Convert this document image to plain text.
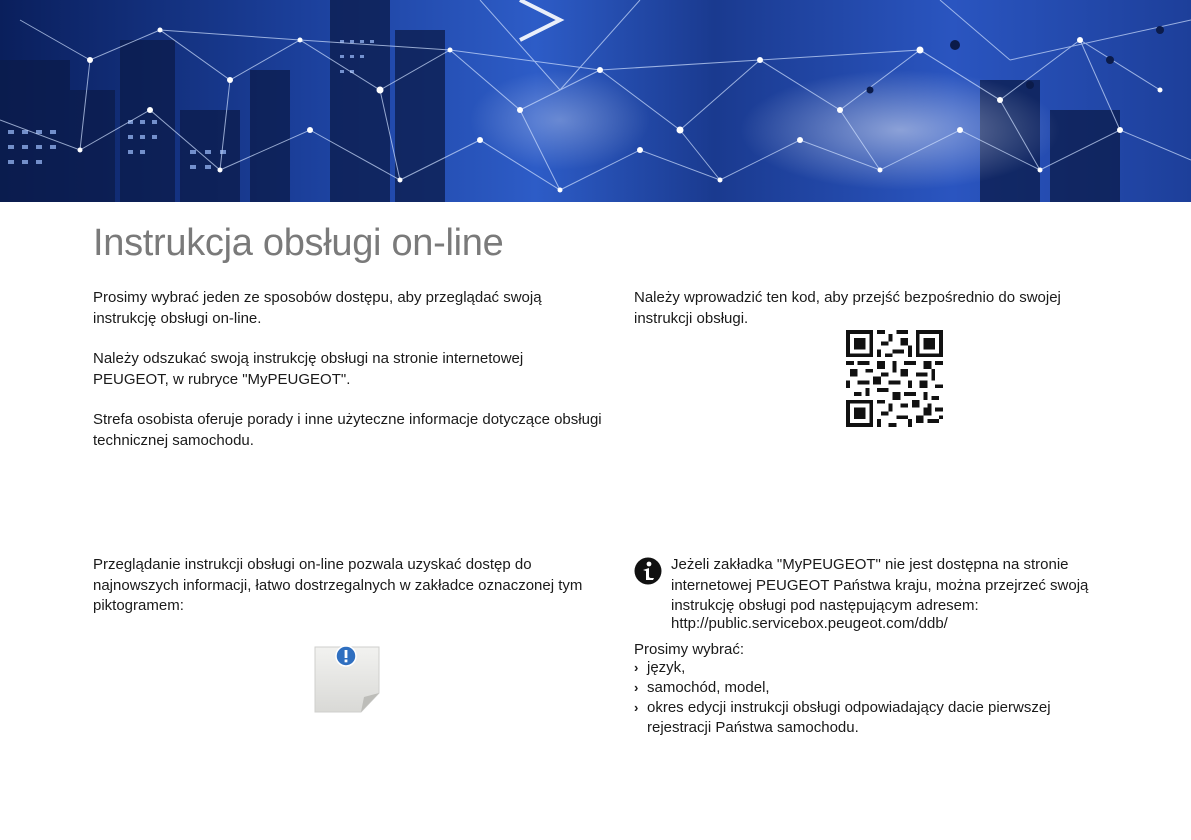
Instrukcja obsługi on-line

Prosimy wybrać jeden ze sposobów dostępu, aby przeglądać swoją instrukcję obsługi on-line.

Należy odszukać swoją instrukcję obsługi na stronie internetowej PEUGEOT, w rubryce "MyPEUGEOT".

Strefa osobista oferuje porady i inne użyteczne informacje dotyczące obsługi technicznej samochodu.

Należy wprowadzić ten kod, aby przejść bezpośrednio do swojej instrukcji obsługi.

Przeglądanie instrukcji obsługi on-line pozwala uzyskać dostęp do najnowszych informacji, łatwo dostrzegalnych w zakładce oznaczonej tym piktogramem:

Jeżeli zakładka "MyPEUGEOT" nie jest dostępna na stronie internetowej PEUGEOT Państwa kraju, można przejrzeć swoją instrukcję obsługi pod następującym adresem:

http://public.servicebox.peugeot.com/ddb/

Prosimy wybrać:

› język,
› samochód, model,
› okres edycji instrukcji obsługi odpowiadający dacie pierwszej rejestracji Państwa samochodu.
